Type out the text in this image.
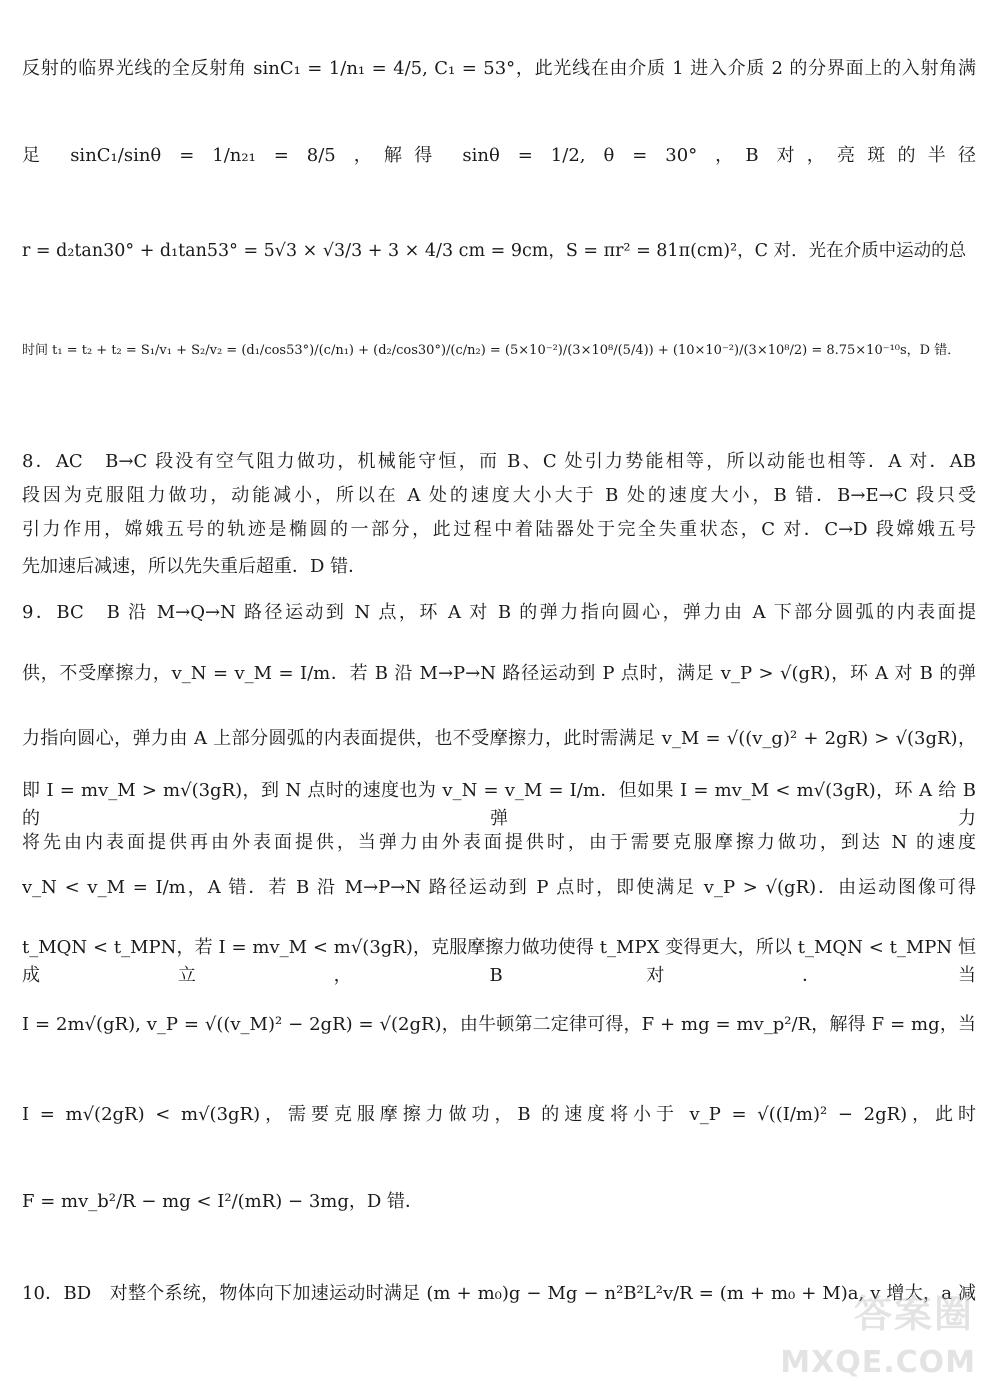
反射的临界光线的全反射角 sinC₁ = 1/n₁ = 4/5, C₁ = 53°，此光线在由介质 1 进入介质 2 的分界面上的入射角满
足 sinC₁/sinθ = 1/n₂₁ = 8/5 ，解得 sinθ = 1/2, θ = 30° ，B 对，亮斑的半径
r = d₂tan30° + d₁tan53° = 5√3 × √3/3 + 3 × 4/3 cm = 9cm，S = πr² = 81π(cm)²，C 对．光在介质中运动的总
时间 t₁ = t₂ + t₂ = S₁/v₁ + S₂/v₂ = (d₁/cos53°)/(c/n₁) + (d₂/cos30°)/(c/n₂) = (5×10⁻²)/(3×10⁸/(5/4)) + (10×10⁻²)/(3×10⁸/2) = 8.75×10⁻¹⁰s，D 错．
8．AC　B→C 段没有空气阻力做功，机械能守恒，而 B、C 处引力势能相等，所以动能也相等．A 对．AB
段因为克服阻力做功，动能减小，所以在 A 处的速度大小大于 B 处的速度大小，B 错．B→E→C 段只受
引力作用，嫦娥五号的轨迹是椭圆的一部分，此过程中着陆器处于完全失重状态，C 对．C→D 段嫦娥五号
先加速后减速，所以先失重后超重．D 错．
9．BC　B 沿 M→Q→N 路径运动到 N 点，环 A 对 B 的弹力指向圆心，弹力由 A 下部分圆弧的内表面提
供，不受摩擦力，v_N = v_M = I/m．若 B 沿 M→P→N 路径运动到 P 点时，满足 v_P > √(gR)，环 A 对 B 的弹
力指向圆心，弹力由 A 上部分圆弧的内表面提供，也不受摩擦力，此时需满足 v_M = √((v_g)² + 2gR) > √(3gR)，
即 I = mv_M > m√(3gR)，到 N 点时的速度也为 v_N = v_M = I/m．但如果 I = mv_M < m√(3gR)，环 A 给 B 的弹力
将先由内表面提供再由外表面提供，当弹力由外表面提供时，由于需要克服摩擦力做功，到达 N 的速度
v_N < v_M = I/m，A 错．若 B 沿 M→P→N 路径运动到 P 点时，即使满足 v_P > √(gR)．由运动图像可得
t_MQN < t_MPN，若 I = mv_M < m√(3gR)，克服摩擦力做功使得 t_MPX 变得更大，所以 t_MQN < t_MPN 恒成立，B 对．当
I = 2m√(gR), v_P = √((v_M)² − 2gR) = √(2gR)，由牛顿第二定律可得，F + mg = mv_p²/R，解得 F = mg，当
I = m√(2gR) < m√(3gR)，需要克服摩擦力做功，B 的速度将小于 v_P = √((I/m)² − 2gR)，此时
F = mv_b²/R − mg < I²/(mR) − 3mg，D 错．
10．BD　对整个系统，物体向下加速运动时满足 (m + m₀)g − Mg − n²B²L²v/R = (m + m₀ + M)a, v 增大，a 减
答案圈
MXQE.COM
